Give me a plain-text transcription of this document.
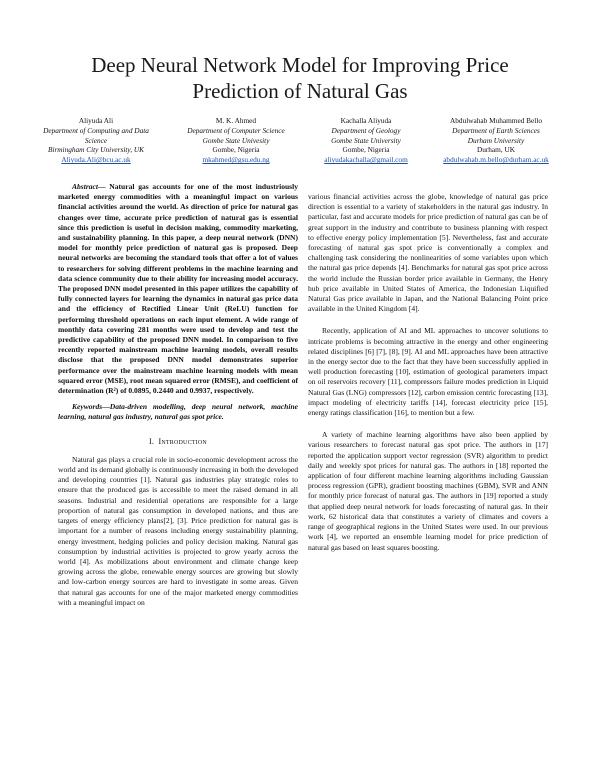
Deep Neural Network Model for Improving Price
Prediction of Natural Gas
Aliyuda Ali
Department of Computing and Data Science
Birmingham City University, UK
Aliyuda.Ali@bcu.ac.uk
M. K. Ahmed
Department of Computer Science
Gombe State Univesity
Gombe, Nigeria
mkahmed@gsu.edu.ng
Kachalla Aliyuda
Department of Geology
Gombe State University
Gombe, Nigeria
aliyudakachalla@gmail.com
Abdulwahab Muhammed Bello
Department of Earth Sciences
Durham University
Durham, UK
abdulwahab.m.bello@durham.ac.uk

Abstract— Natural gas accounts for one of the most industriously marketed energy commodities with a meaningful impact on various financial activities around the world. As direction of price for natural gas changes over time, accurate price prediction of natural gas is essential since this prediction is useful in decision making, commodity marketing, and sustainability planning. In this paper, a deep neural network (DNN) model for monthly price prediction of natural gas is proposed. Deep neural networks are becoming the standard tools that offer a lot of values to researchers for solving different problems in the machine learning and data science community due to their ability for increasing model accuracy. The proposed DNN model presented in this paper utilizes the capability of fully connected layers for learning the dynamics in natural gas price data and the efficiency of Rectified Linear Unit (ReLU) function for performing threshold operations on each input element. A wide range of monthly data covering 281 months were used to develop and test the predictive capability of the proposed DNN model. In comparison to five recently reported mainstream machine learning models, overall results disclose that the proposed DNN model demonstrates superior performance over the mainstream machine learning models with mean squared error (MSE), root mean squared error (RMSE), and coefficient of determination (R²) of 0.0895, 0.2440 and 0.9937, respectively.

Keywords—Data-driven modelling, deep neural network, machine learning, natural gas industry, natural gas spot price.

I. Introduction

Natural gas plays a crucial role in socio-economic development across the world and its demand globally is continuously increasing in both the developed and developing countries [1]. Natural gas industries play strategic roles to ensure that the produced gas is accessible to meet the raised demand in all seasons. Industrial and residential operations are responsible for a large proportion of natural gas consumption in developed nations, and thus are targets of energy efficiency plans[2], [3]. Price prediction for natural gas is important for a number of reasons including energy sustainability planning, energy investment, hedging policies and policy decision making. Natural gas consumption by industrial activities is projected to grow yearly across the world [4]. As mobilizations about environment and climate change keep growing across the globe, renewable energy sources are growing but slowly and low-carbon energy sources are hard to investigate in some areas. Given that natural gas accounts for one of the major marketed energy commodities with a meaningful impact on

various financial activities across the globe, knowledge of natural gas price direction is essential to a variety of stakeholders in the natural gas industry. In particular, fast and accurate models for price prediction of natural gas can be of great support in the industry and contribute to business planning with respect to effective energy policy implementation [5]. Nevertheless, fast and accurate forecasting of natural gas spot price is conventionally a complex and challenging task considering the nonlinearities of some variables upon which the natural gas price depends [4]. Benchmarks for natural gas spot price across the world include the Russian border price available in Germany, the Henry hub price available in United States of America, the Indonesian Liquified Natural Gas price available in Japan, and the National Balancing Point price available in the United Kingdom [4].

Recently, application of AI and ML approaches to uncover solutions to intricate problems is becoming attractive in the energy and other engineering related disciplines [6] [7], [8], [9]. AI and ML approaches have been attractive in the energy sector due to the fact that they have been successfully applied in well production forecasting [10], estimation of geological parameters impact on oil reservoirs recovery [11], compressors failure modes prediction in Liquid Natural Gas (LNG) compressors [12], carbon emission centric forecasting [13], impact modeling of electricity tariffs [14], forecast electricity price [15], energy ratings classification [16], to mention but a few.

A variety of machine learning algorithms have also been applied by various researchers to forecast natural gas spot price. The authors in [17] reported the application support vector regression (SVR) algorithm to predict daily and weekly spot prices for natural gas. The authors in [18] reported the application of four different machine learning algorithms including Gaussian process regression (GPR), gradient boosting machines (GBM), SVR and ANN for monthly price forecast of natural gas. The authors in [19] reported a study that applied deep neural network for loads forecasting of natural gas. In their work, 62 historical data that constitutes a variety of climates and covers a range of geographical regions in the United States were used. In our previous work [4], we reported an ensemble learning model for price prediction of natural gas based on least squares boosting.
